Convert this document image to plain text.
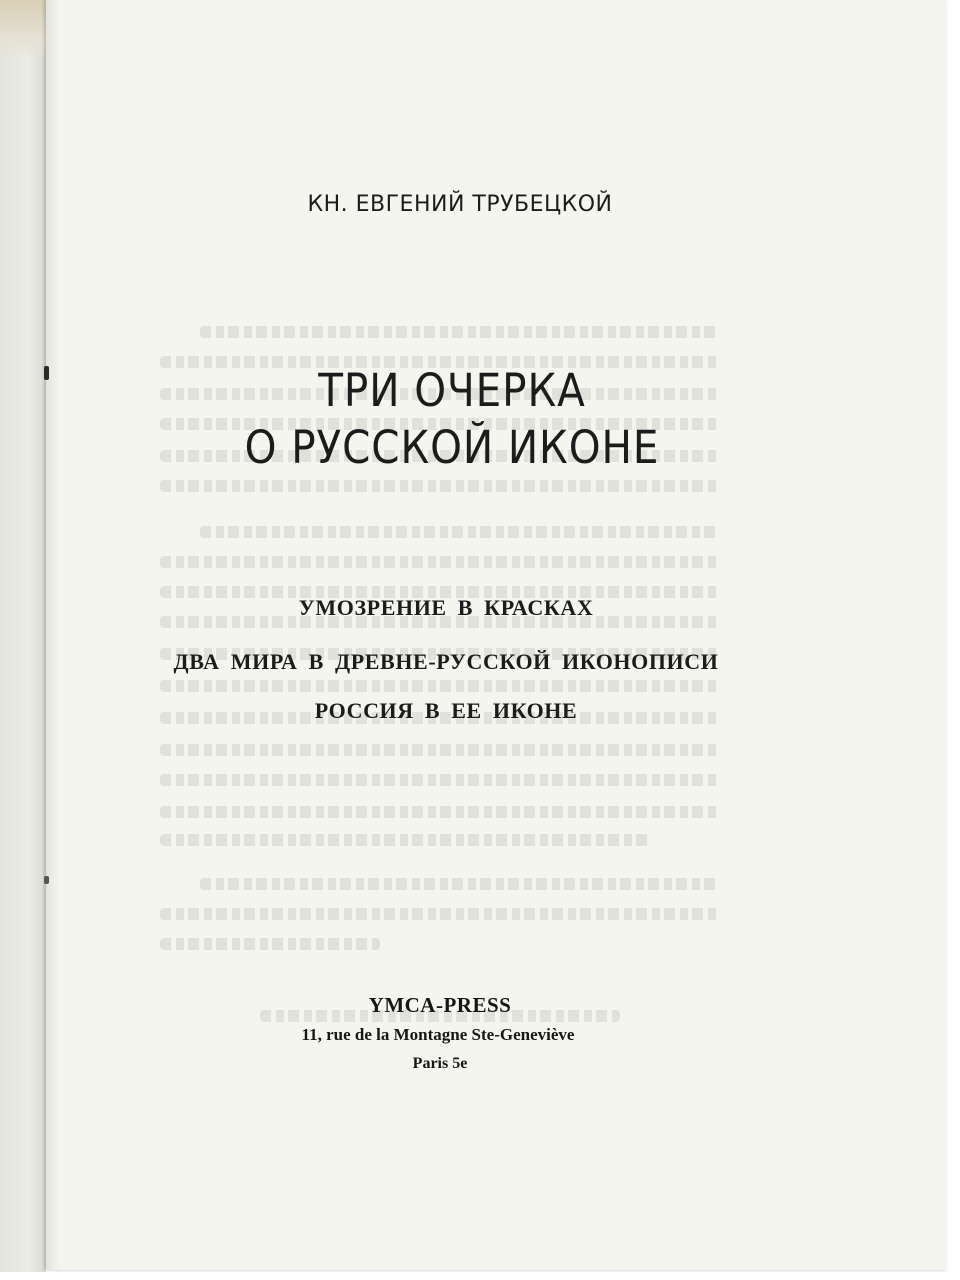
КН. ЕВГЕНИЙ ТРУБЕЦКОЙ
ТРИ ОЧЕРКА
О РУССКОЙ ИКОНЕ
УМОЗРЕНИЕ В КРАСКАХ
ДВА МИРА В ДРЕВНЕ-РУССКОЙ ИКОНОПИСИ
РОССИЯ В ЕЕ ИКОНЕ
YMCA-PRESS
11, rue de la Montagne Ste-Geneviève
Paris 5e
